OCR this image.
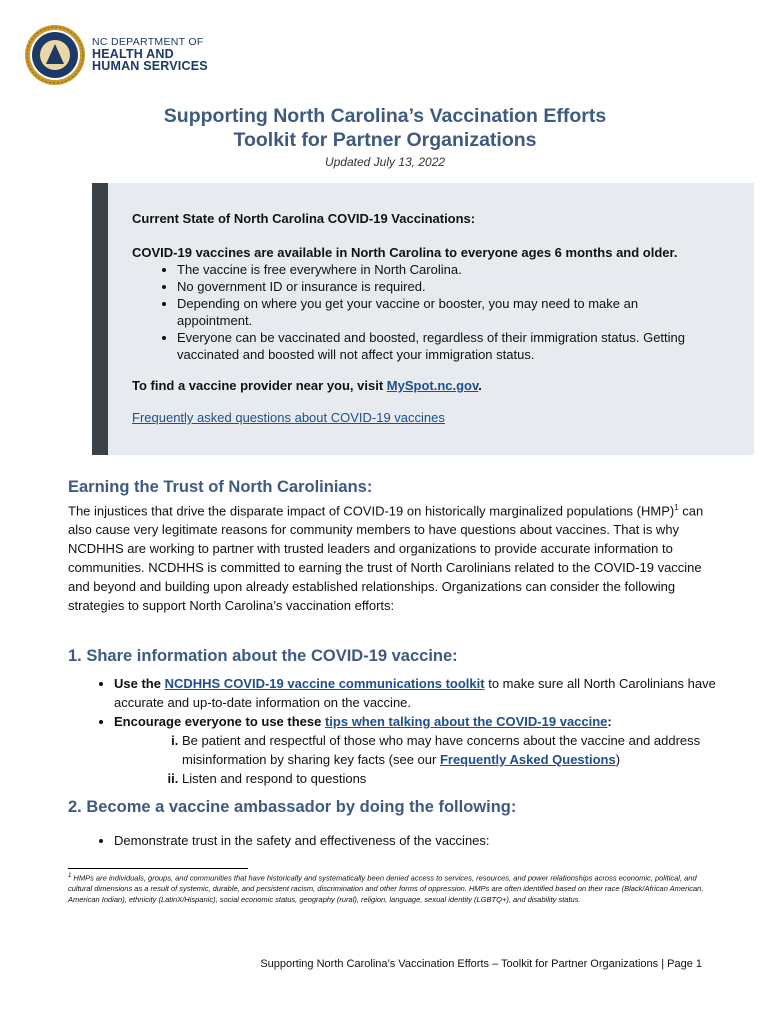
NC DEPARTMENT OF
HEALTH AND
HUMAN SERVICES
Supporting North Carolina’s Vaccination Efforts
Toolkit for Partner Organizations
Updated July 13, 2022
Current State of North Carolina COVID-19 Vaccinations:
COVID-19 vaccines are available in North Carolina to everyone ages 6 months and older.
• The vaccine is free everywhere in North Carolina.
• No government ID or insurance is required.
• Depending on where you get your vaccine or booster, you may need to make an appointment.
• Everyone can be vaccinated and boosted, regardless of their immigration status. Getting vaccinated and boosted will not affect your immigration status.
To find a vaccine provider near you, visit MySpot.nc.gov.
Frequently asked questions about COVID-19 vaccines
Earning the Trust of North Carolinians:
The injustices that drive the disparate impact of COVID-19 on historically marginalized populations (HMP)$^1$ can also cause very legitimate reasons for community members to have questions about vaccines. That is why NCDHHS are working to partner with trusted leaders and organizations to provide accurate information to communities. NCDHHS is committed to earning the trust of North Carolinians related to the COVID-19 vaccine and beyond and building upon already established relationships. Organizations can consider the following strategies to support North Carolina’s vaccination efforts:
1. Share information about the COVID-19 vaccine:
• Use the NCDHHS COVID-19 vaccine communications toolkit to make sure all North Carolinians have accurate and up-to-date information on the vaccine.
• Encourage everyone to use these tips when talking about the COVID-19 vaccine:
i. Be patient and respectful of those who may have concerns about the vaccine and address misinformation by sharing key facts (see our Frequently Asked Questions)
ii. Listen and respond to questions
2. Become a vaccine ambassador by doing the following:
• Demonstrate trust in the safety and effectiveness of the vaccines:
$^1$ HMPs are individuals, groups, and communities that have historically and systematically been denied access to services, resources, and power relationships across economic, political, and cultural dimensions as a result of systemic, durable, and persistent racism, discrimination and other forms of oppression. HMPs are often identified based on their race (Black/African American, American Indian), ethnicity (LatinX/Hispanic), social economic status, geography (rural), religion, language, sexual identity (LGBTQ+), and disability status.
Supporting North Carolina’s Vaccination Efforts – Toolkit for Partner Organizations | Page 1
